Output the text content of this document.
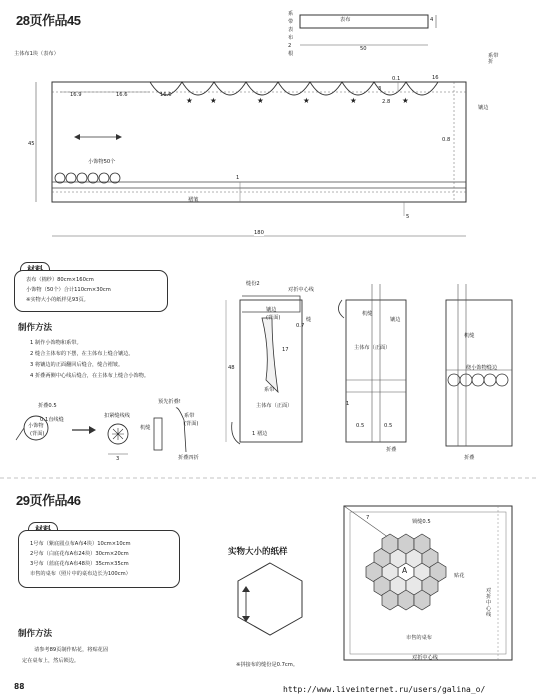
28页作品45	系
带
表
布
2
根
主体布1块（表布）
表布
50
4
系带
16.9	16.6	16.6
0.1	16
2.8
3
0.8
1
5
45
180
小饰物50个
褶皱
镶边
折
★ ★	★	★	★	★
表布（棉纱）80cm×160cm
小饰物（50个）合计110cm×30cm
※实物大小的纸样见93页。
制作方法
1 制作小饰物和系带。
2 缝合主体布的下摆，在主体布上缝合镶边。
3 将镶边的正面翻回后缝合，缝合褶皱。
4 折叠两侧中心线后缝合，在主体布上缝合小饰物。
折叠0.5
0.1直线缝
小饰物
(背面)
扣紧缝线线
3
预先折叠!
系带
(背面)
机缝
折叠四折
缝份2
对折中心线
镶边
(背面)	缝
0.7
48
17
系带
主体布（正面）
1 褶边
机缝
镶边
主体布（正面）
0.5	0.5
1
折叠
折叠
绕小饰物缝边
机缝
29页作品46
1号布（紫底圆点布A布4块）10cm×10cm
2号布（白底花布A布24块）30cm×20cm
3号布（蓝底花布A布48块）35cm×35cm
市售的桌布（照片中的桌布边长为100cm）
实物大小的纸样
※拼接布的缝份是0.7cm。
制作方法
请参考89页制作贴花，将贴花固
定在桌布上，然后锁边。
锁缝0.5
7
A
贴花
对折中心线
市售的桌布
对折中心线
88	http://www.liveinternet.ru/users/galina_o/
